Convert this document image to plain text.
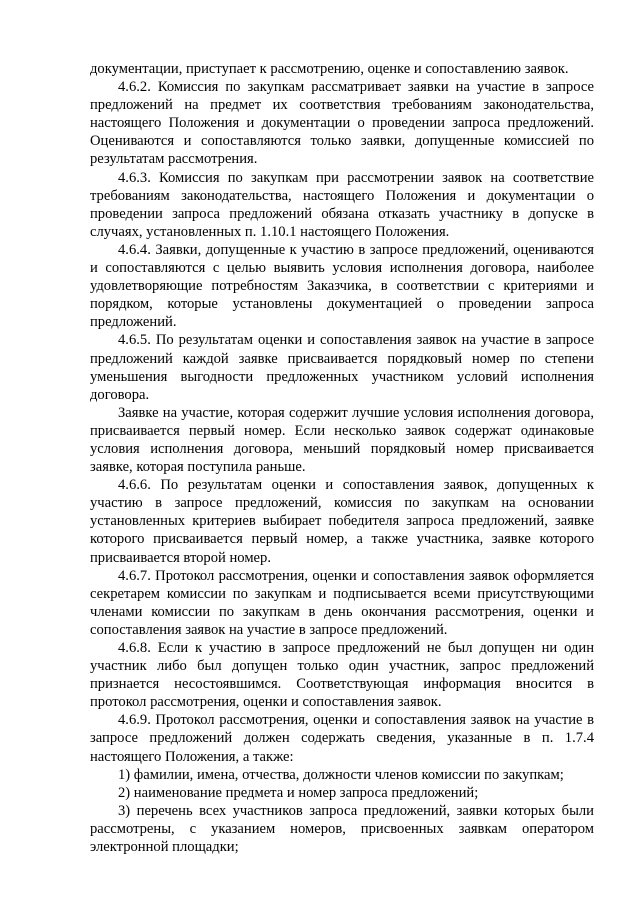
документации, приступает к рассмотрению, оценке и сопоставлению заявок.

4.6.2. Комиссия по закупкам рассматривает заявки на участие в запросе предложений на предмет их соответствия требованиям законодательства, настоящего Положения и документации о проведении запроса предложений. Оцениваются и сопоставляются только заявки, допущенные комиссией по результатам рассмотрения.

4.6.3. Комиссия по закупкам при рассмотрении заявок на соответствие требованиям законодательства, настоящего Положения и документации о проведении запроса предложений обязана отказать участнику в допуске в случаях, установленных п. 1.10.1 настоящего Положения.

4.6.4. Заявки, допущенные к участию в запросе предложений, оцениваются и сопоставляются с целью выявить условия исполнения договора, наиболее удовлетворяющие потребностям Заказчика, в соответствии с критериями и порядком, которые установлены документацией о проведении запроса предложений.

4.6.5. По результатам оценки и сопоставления заявок на участие в запросе предложений каждой заявке присваивается порядковый номер по степени уменьшения выгодности предложенных участником условий исполнения договора.

Заявке на участие, которая содержит лучшие условия исполнения договора, присваивается первый номер. Если несколько заявок содержат одинаковые условия исполнения договора, меньший порядковый номер присваивается заявке, которая поступила раньше.

4.6.6. По результатам оценки и сопоставления заявок, допущенных к участию в запросе предложений, комиссия по закупкам на основании установленных критериев выбирает победителя запроса предложений, заявке которого присваивается первый номер, а также участника, заявке которого присваивается второй номер.

4.6.7. Протокол рассмотрения, оценки и сопоставления заявок оформляется секретарем комиссии по закупкам и подписывается всеми присутствующими членами комиссии по закупкам в день окончания рассмотрения, оценки и сопоставления заявок на участие в запросе предложений.

4.6.8. Если к участию в запросе предложений не был допущен ни один участник либо был допущен только один участник, запрос предложений признается несостоявшимся. Соответствующая информация вносится в протокол рассмотрения, оценки и сопоставления заявок.

4.6.9. Протокол рассмотрения, оценки и сопоставления заявок на участие в запросе предложений должен содержать сведения, указанные в п. 1.7.4 настоящего Положения, а также:

1) фамилии, имена, отчества, должности членов комиссии по закупкам;

2) наименование предмета и номер запроса предложений;

3) перечень всех участников запроса предложений, заявки которых были рассмотрены, с указанием номеров, присвоенных заявкам оператором электронной площадки;
